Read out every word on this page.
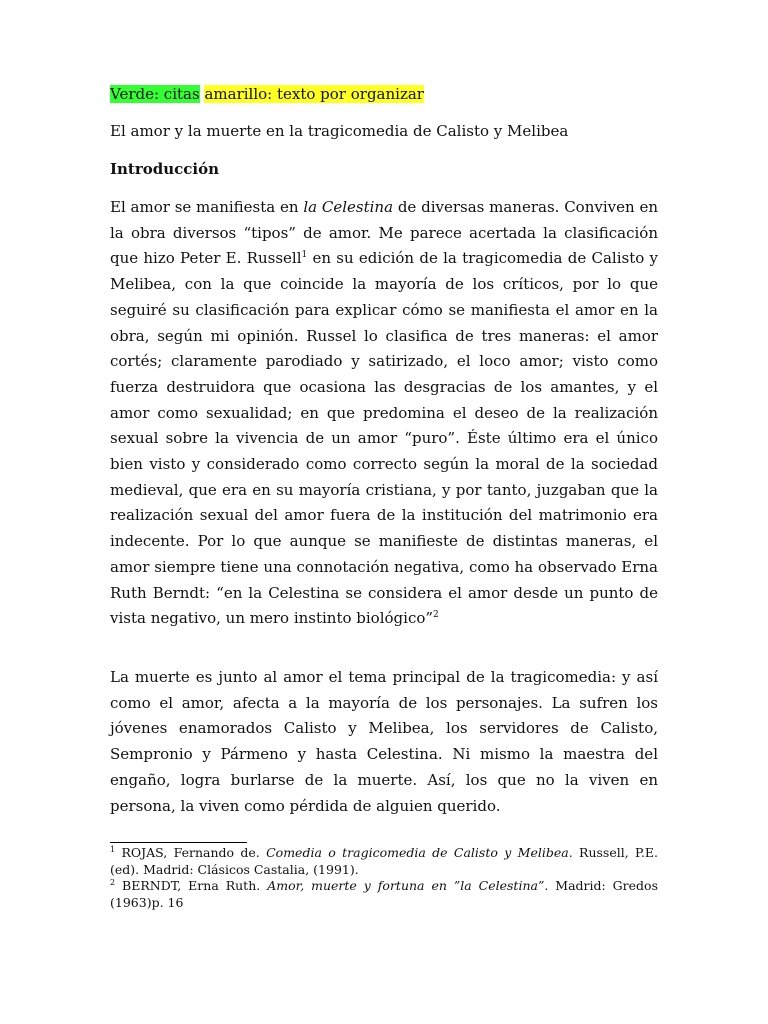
Verde: citas amarillo: texto por organizar
El amor y la muerte en la tragicomedia de Calisto y Melibea
Introducción

El amor se manifiesta en la Celestina de diversas maneras. Conviven en la obra diversos “tipos” de amor. Me parece acertada la clasificación que hizo Peter E. Russell$^1$ en su edición de la tragicomedia de Calisto y Melibea, con la que coincide la mayoría de los críticos, por lo que seguiré su clasificación para explicar cómo se manifiesta el amor en la obra, según mi opinión. Russel lo clasifica de tres maneras: el amor cortés; claramente parodiado y satirizado, el loco amor; visto como fuerza destruidora que ocasiona las desgracias de los amantes, y el amor como sexualidad; en que predomina el deseo de la realización sexual sobre la vivencia de un amor “puro”. Éste último era el único bien visto y considerado como correcto según la moral de la sociedad medieval, que era en su mayoría cristiana, y por tanto, juzgaban que la realización sexual del amor fuera de la institución del matrimonio era indecente. Por lo que aunque se manifieste de distintas maneras, el amor siempre tiene una connotación negativa, como ha observado Erna Ruth Berndt: “en la Celestina se considera el amor desde un punto de vista negativo, un mero instinto biológico”$^2$

La muerte es junto al amor el tema principal de la tragicomedia: y así como el amor, afecta a la mayoría de los personajes. La sufren los jóvenes enamorados Calisto y Melibea, los servidores de Calisto, Sempronio y Pármeno y hasta Celestina. Ni mismo la maestra del engaño, logra burlarse de la muerte. Así, los que no la viven en persona, la viven como pérdida de alguien querido.

$^1$ ROJAS, Fernando de. Comedia o tragicomedia de Calisto y Melibea. Russell, P.E. (ed). Madrid: Clásicos Castalia, (1991).

$^2$ BERNDT, Erna Ruth. Amor, muerte y fortuna en ”la Celestina”. Madrid: Gredos (1963)p. 16
